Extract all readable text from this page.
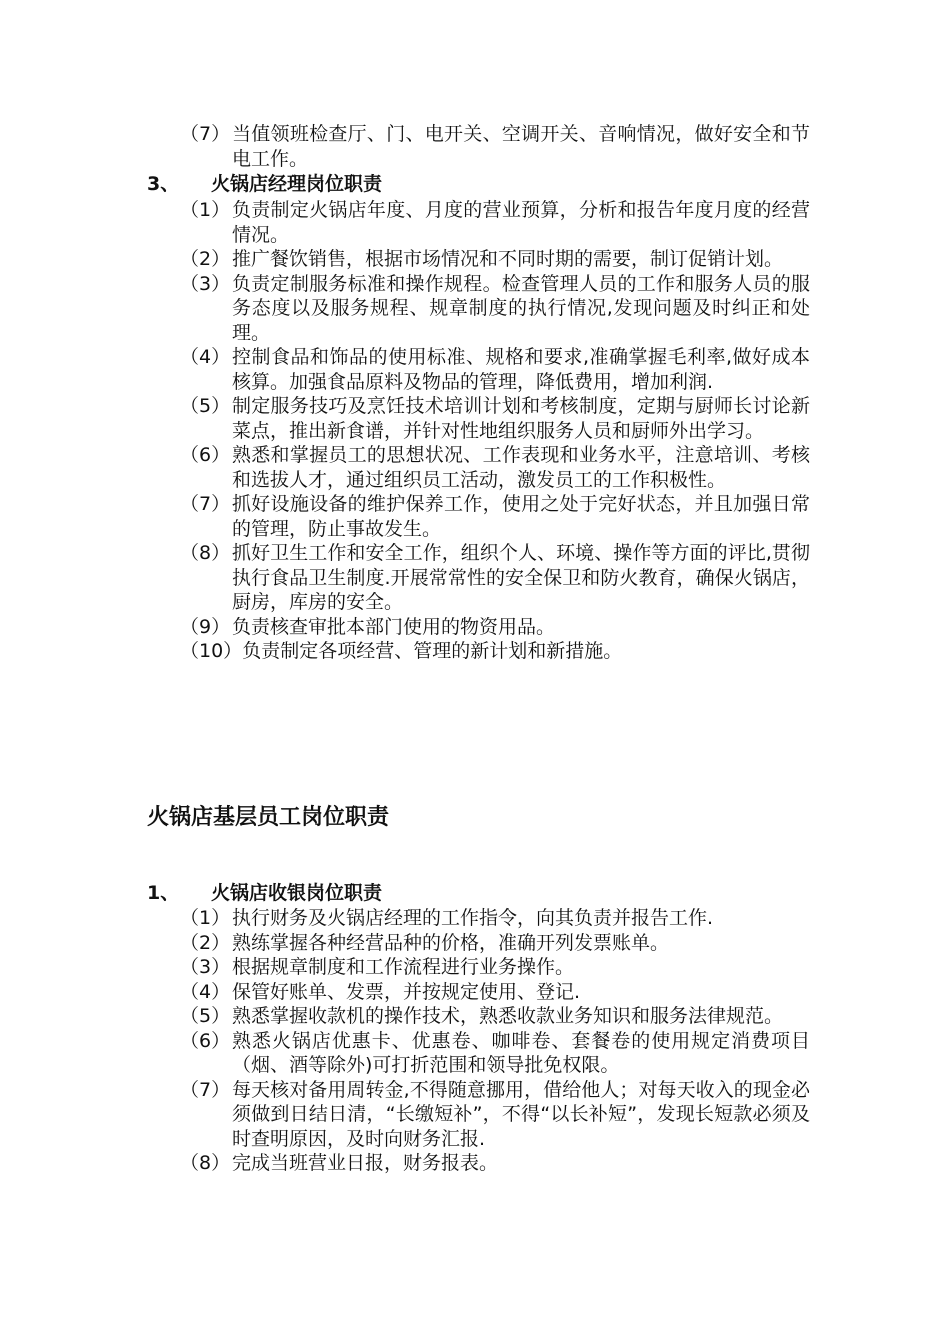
（7） 当值领班检查厅、门、电开关、空调开关、音响情况，做好安全和节电工作。
3、 火锅店经理岗位职责
（1） 负责制定火锅店年度、月度的营业预算，分析和报告年度月度的经营情况。
（2） 推广餐饮销售，根据市场情况和不同时期的需要，制订促销计划。
（3） 负责定制服务标准和操作规程。检查管理人员的工作和服务人员的服务态度以及服务规程、规章制度的执行情况,发现问题及时纠正和处理。
（4） 控制食品和饰品的使用标准、规格和要求,准确掌握毛利率,做好成本核算。加强食品原料及物品的管理，降低费用，增加利润.
（5） 制定服务技巧及烹饪技术培训计划和考核制度，定期与厨师长讨论新菜点，推出新食谱，并针对性地组织服务人员和厨师外出学习。
（6） 熟悉和掌握员工的思想状况、工作表现和业务水平，注意培训、考核和选拔人才，通过组织员工活动，激发员工的工作积极性。
（7） 抓好设施设备的维护保养工作，使用之处于完好状态，并且加强日常的管理，防止事故发生。
（8） 抓好卫生工作和安全工作，组织个人、环境、操作等方面的评比,贯彻执行食品卫生制度.开展常常性的安全保卫和防火教育，确保火锅店，厨房，库房的安全。
（9） 负责核查审批本部门使用的物资用品。
（10） 负责制定各项经营、管理的新计划和新措施。
火锅店基层员工岗位职责
1、 火锅店收银岗位职责
（1） 执行财务及火锅店经理的工作指令，向其负责并报告工作.
（2） 熟练掌握各种经营品种的价格，准确开列发票账单。
（3） 根据规章制度和工作流程进行业务操作。
（4） 保管好账单、发票，并按规定使用、登记.
（5） 熟悉掌握收款机的操作技术，熟悉收款业务知识和服务法律规范。
（6） 熟悉火锅店优惠卡、优惠卷、咖啡卷、套餐卷的使用规定消费项目（烟、酒等除外)可打折范围和领导批免权限。
（7） 每天核对备用周转金,不得随意挪用，借给他人；对每天收入的现金必须做到日结日清，“长缴短补”，不得“以长补短”，发现长短款必须及时查明原因，及时向财务汇报.
（8） 完成当班营业日报，财务报表。
